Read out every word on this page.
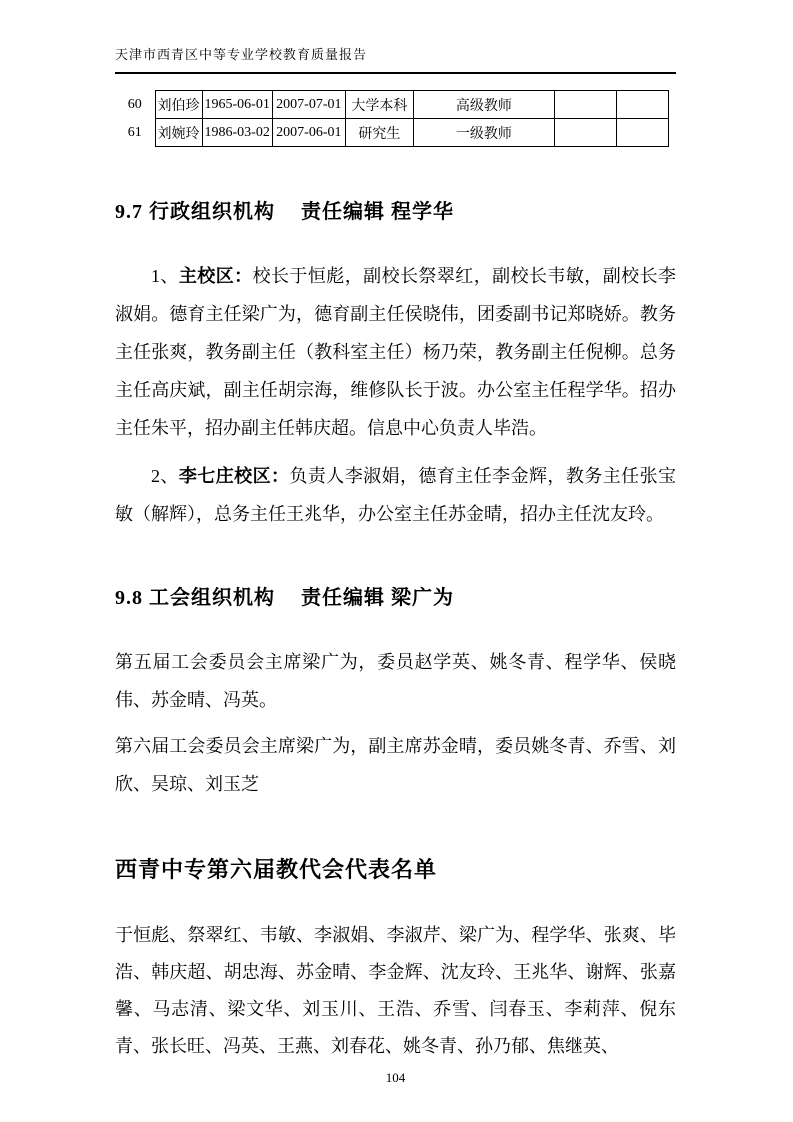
天津市西青区中等专业学校教育质量报告
60	刘伯珍	1965-06-01	2007-07-01	大学本科	高级教师		
61	刘婉玲	1986-03-02	2007-06-01	研究生	一级教师		
9.7 行政组织机构 责任编辑 程学华

1、主校区：校长于恒彪，副校长祭翠红，副校长韦敏，副校长李淑娟。德育主任梁广为，德育副主任侯晓伟，团委副书记郑晓娇。教务主任张爽，教务副主任（教科室主任）杨乃荣，教务副主任倪柳。总务主任高庆斌，副主任胡宗海，维修队长于波。办公室主任程学华。招办主任朱平，招办副主任韩庆超。信息中心负责人毕浩。

2、李七庄校区：负责人李淑娟，德育主任李金辉，教务主任张宝敏（解辉），总务主任王兆华，办公室主任苏金晴，招办主任沈友玲。

9.8 工会组织机构 责任编辑 梁广为

第五届工会委员会主席梁广为，委员赵学英、姚冬青、程学华、侯晓伟、苏金晴、冯英。

第六届工会委员会主席梁广为，副主席苏金晴，委员姚冬青、乔雪、刘欣、吴琼、刘玉芝

西青中专第六届教代会代表名单

于恒彪、祭翠红、韦敏、李淑娟、李淑芹、梁广为、程学华、张爽、毕浩、韩庆超、胡忠海、苏金晴、李金辉、沈友玲、王兆华、谢辉、张嘉馨、马志清、梁文华、刘玉川、王浩、乔雪、闫春玉、李莉萍、倪东青、张长旺、冯英、王燕、刘春花、姚冬青、孙乃郁、焦继英、

104
